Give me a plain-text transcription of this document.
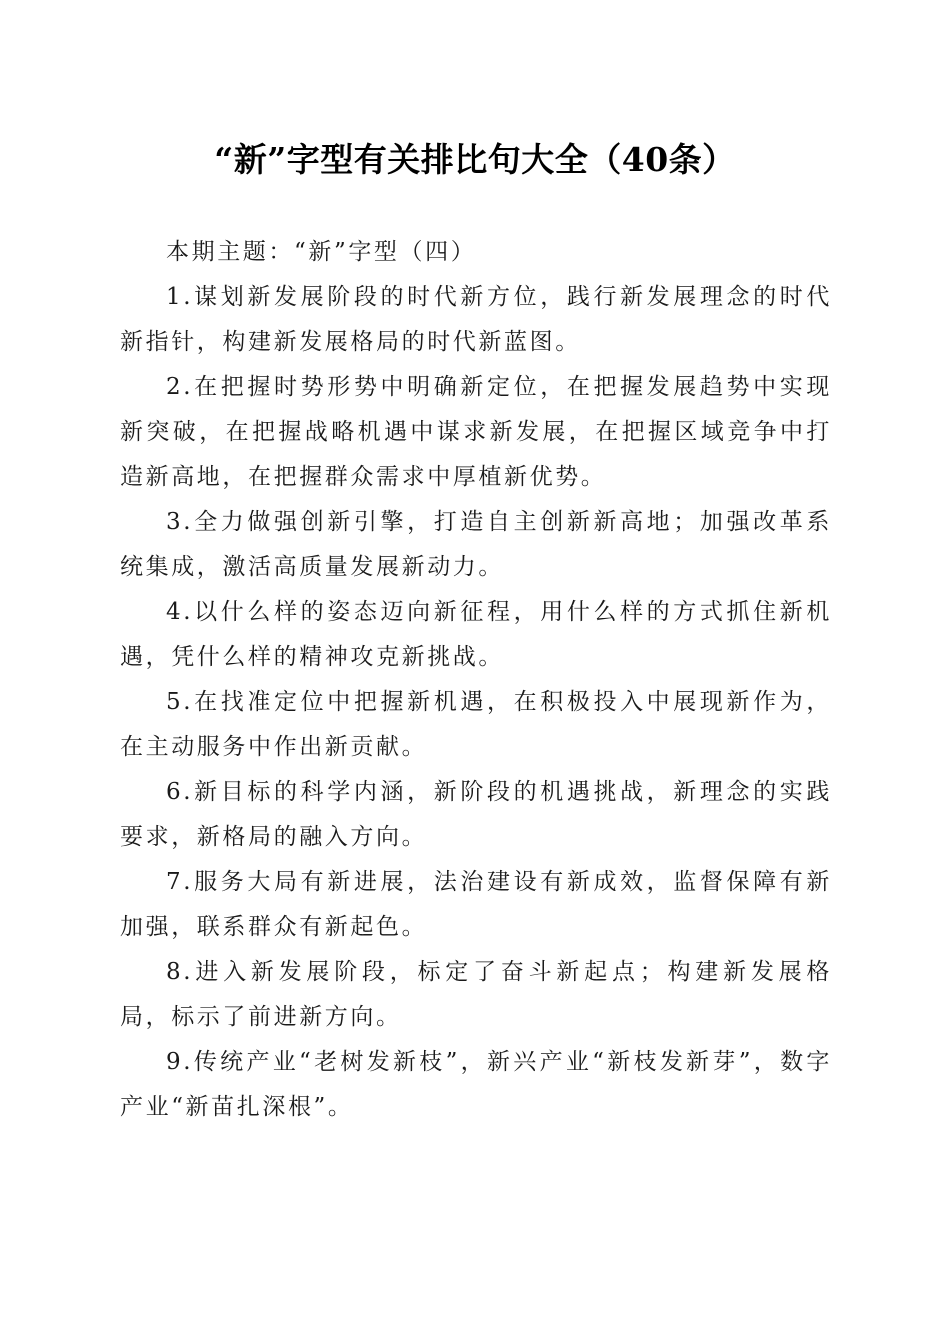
“新”字型有关排比句大全（40条）

本期主题：“新”字型（四）

1.谋划新发展阶段的时代新方位，践行新发展理念的时代新指针，构建新发展格局的时代新蓝图。

2.在把握时势形势中明确新定位，在把握发展趋势中实现新突破，在把握战略机遇中谋求新发展，在把握区域竞争中打造新高地，在把握群众需求中厚植新优势。

3.全力做强创新引擎，打造自主创新新高地；加强改革系统集成，激活高质量发展新动力。

4.以什么样的姿态迈向新征程，用什么样的方式抓住新机遇，凭什么样的精神攻克新挑战。

5.在找准定位中把握新机遇，在积极投入中展现新作为，在主动服务中作出新贡献。

6.新目标的科学内涵，新阶段的机遇挑战，新理念的实践要求，新格局的融入方向。

7.服务大局有新进展，法治建设有新成效，监督保障有新加强，联系群众有新起色。

8.进入新发展阶段，标定了奋斗新起点；构建新发展格局，标示了前进新方向。

9.传统产业“老树发新枝”，新兴产业“新枝发新芽”，数字产业“新苗扎深根”。
